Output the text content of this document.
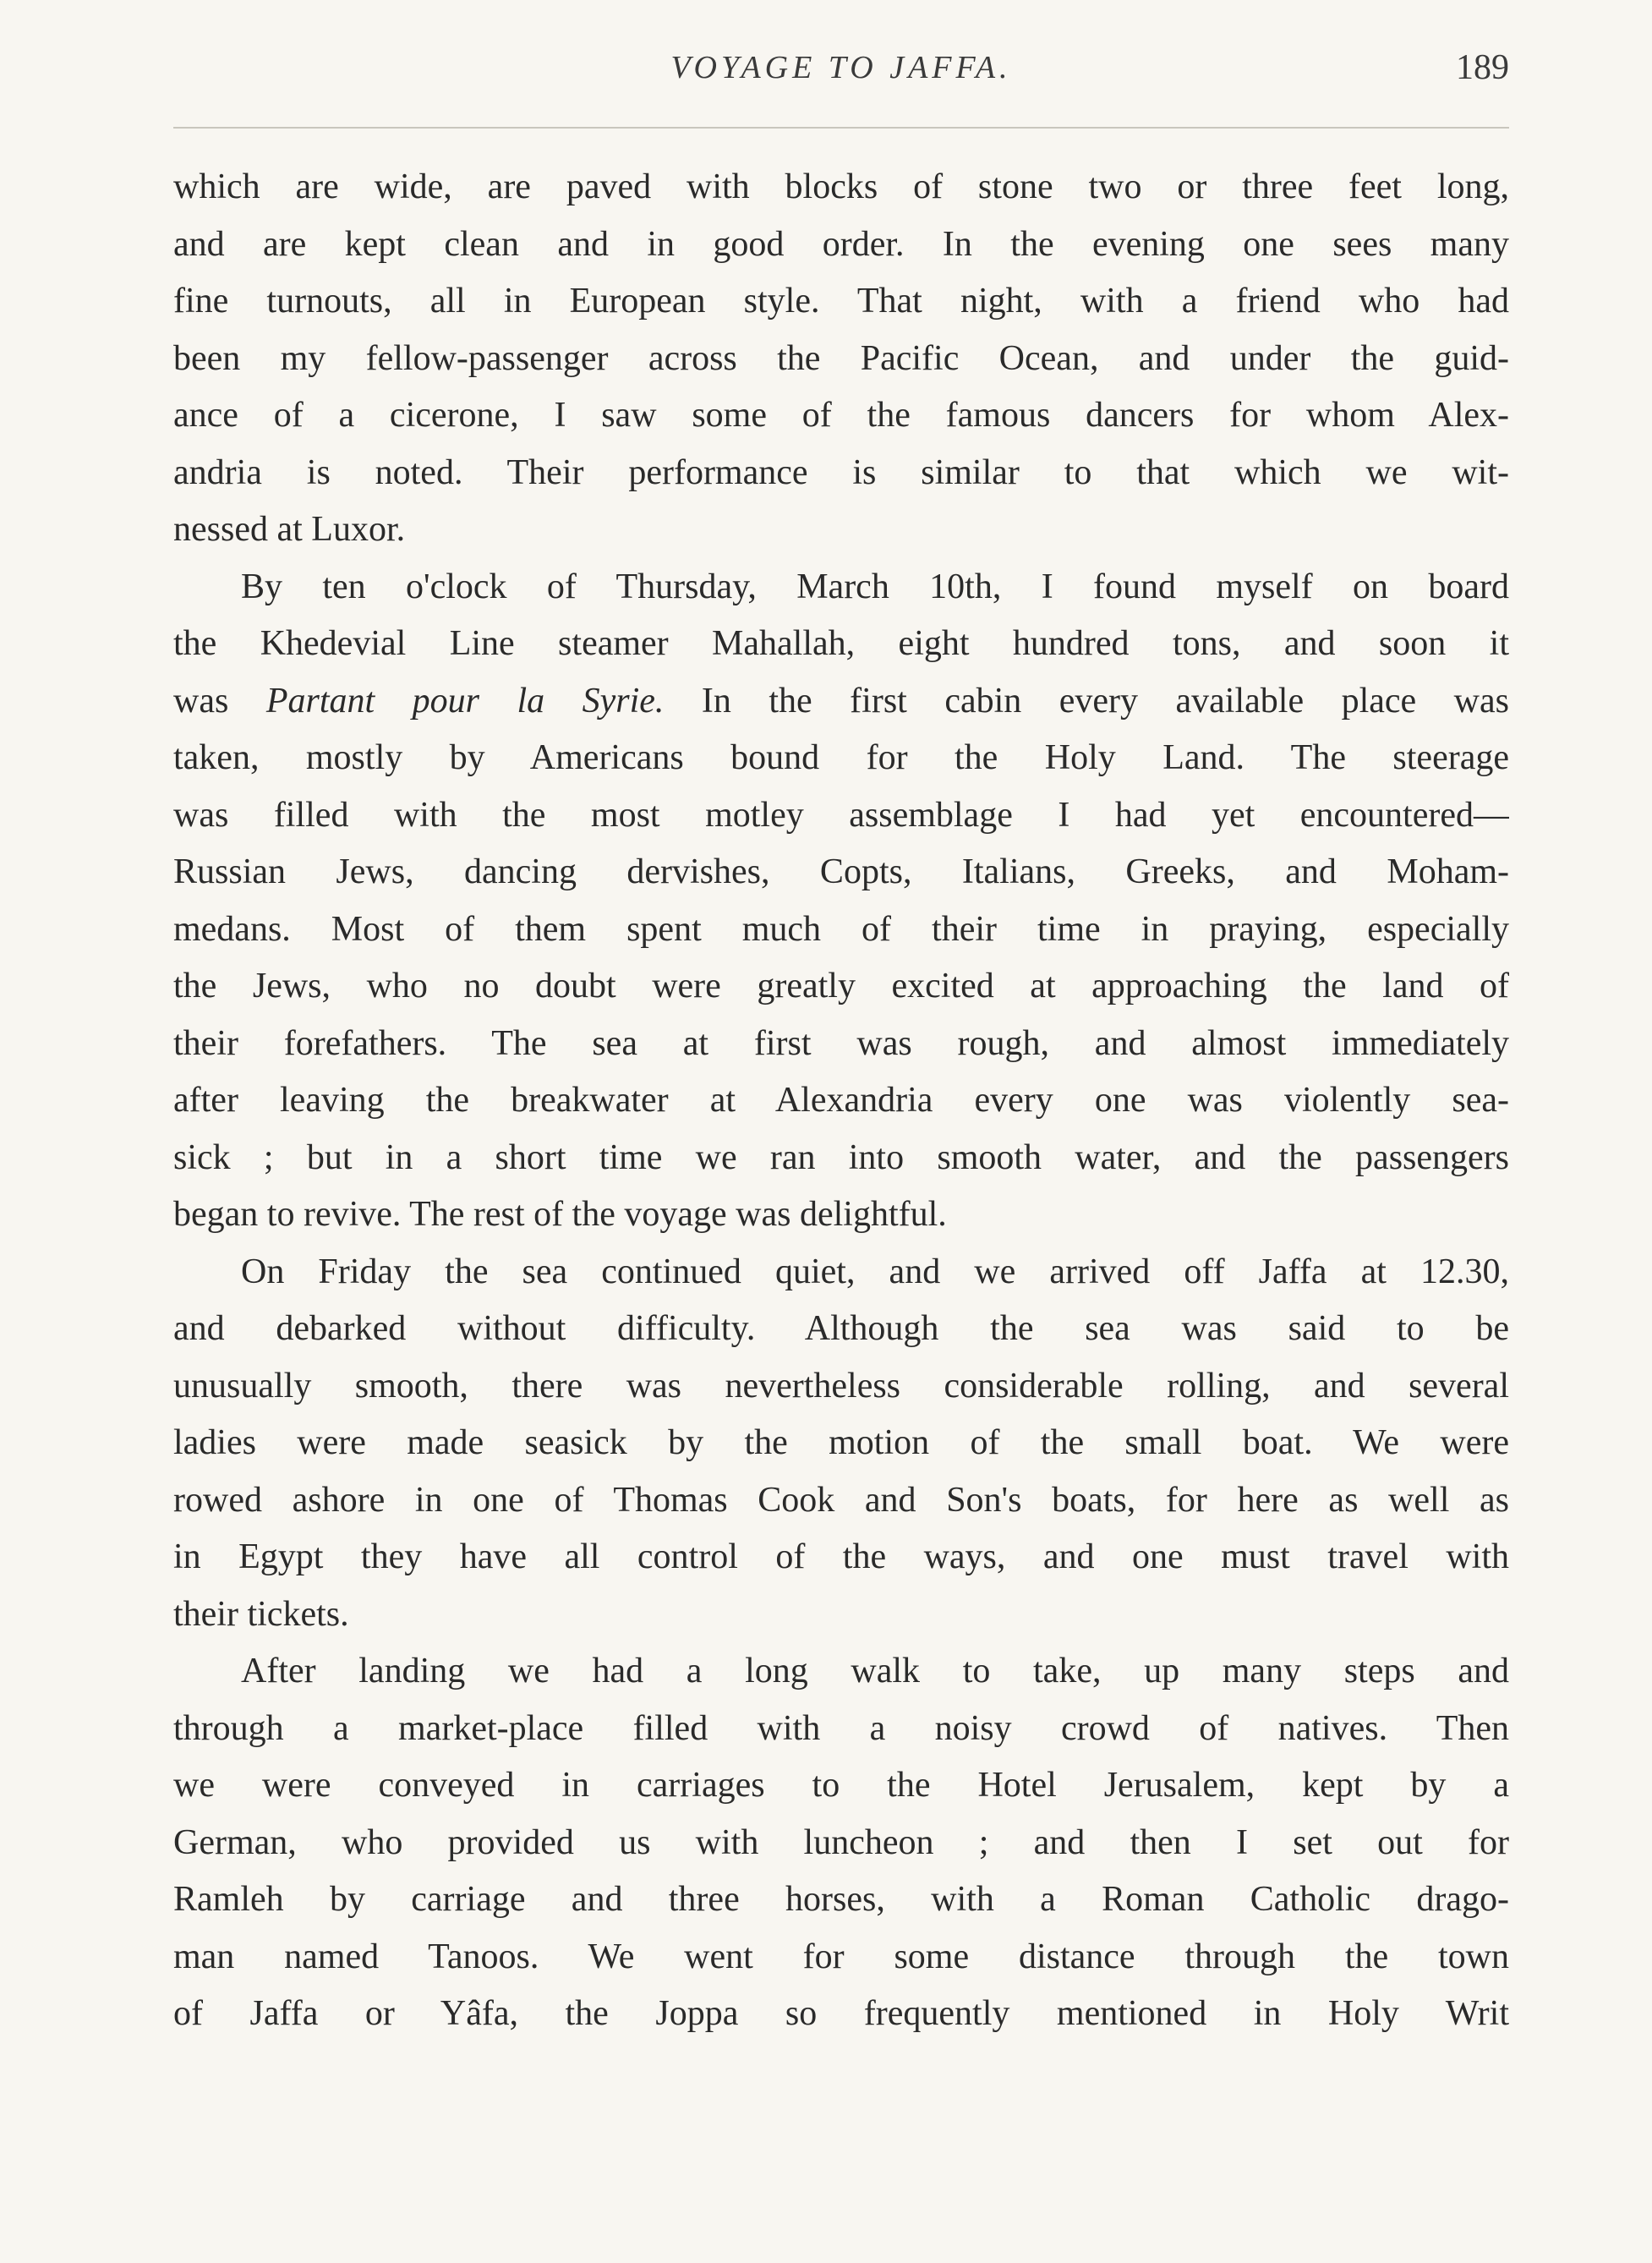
VOYAGE TO JAFFA.	189
which are wide, are paved with blocks of stone two or three feet long,
and are kept clean and in good order. In the evening one sees many
fine turnouts, all in European style. That night, with a friend who had
been my fellow-passenger across the Pacific Ocean, and under the guid-
ance of a cicerone, I saw some of the famous dancers for whom Alex-
andria is noted. Their performance is similar to that which we wit-
nessed at Luxor.
By ten o'clock of Thursday, March 10th, I found myself on board
the Khedevial Line steamer Mahallah, eight hundred tons, and soon it
was Partant pour la Syrie. In the first cabin every available place was
taken, mostly by Americans bound for the Holy Land. The steerage
was filled with the most motley assemblage I had yet encountered—
Russian Jews, dancing dervishes, Copts, Italians, Greeks, and Moham-
medans. Most of them spent much of their time in praying, especially
the Jews, who no doubt were greatly excited at approaching the land of
their forefathers. The sea at first was rough, and almost immediately
after leaving the breakwater at Alexandria every one was violently sea-
sick ; but in a short time we ran into smooth water, and the passengers
began to revive. The rest of the voyage was delightful.
On Friday the sea continued quiet, and we arrived off Jaffa at 12.30,
and debarked without difficulty. Although the sea was said to be
unusually smooth, there was nevertheless considerable rolling, and several
ladies were made seasick by the motion of the small boat. We were
rowed ashore in one of Thomas Cook and Son's boats, for here as well as
in Egypt they have all control of the ways, and one must travel with
their tickets.
After landing we had a long walk to take, up many steps and
through a market-place filled with a noisy crowd of natives. Then
we were conveyed in carriages to the Hotel Jerusalem, kept by a
German, who provided us with luncheon ; and then I set out for
Ramleh by carriage and three horses, with a Roman Catholic drago-
man named Tanoos. We went for some distance through the town
of Jaffa or Yâfa, the Joppa so frequently mentioned in Holy Writ
